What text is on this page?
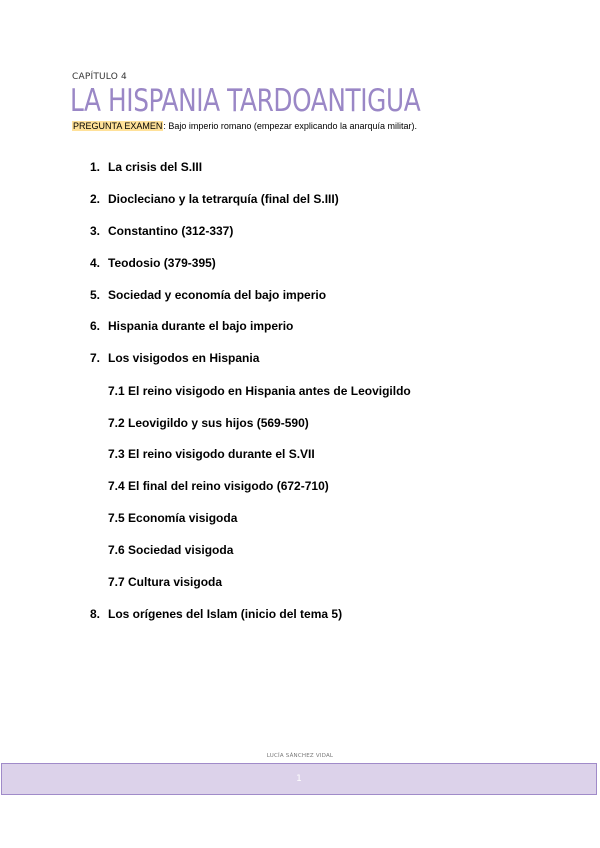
CAPÍTULO 4
LA HISPANIA TARDOANTIGUA
PREGUNTA EXAMEN: Bajo imperio romano (empezar explicando la anarquía militar).
1. La crisis del S.III
2. Diocleciano y la tetrarquía (final del S.III)
3. Constantino (312-337)
4. Teodosio (379-395)
5. Sociedad y economía del bajo imperio
6. Hispania durante el bajo imperio
7. Los visigodos en Hispania
7.1 El reino visigodo en Hispania antes de Leovigildo
7.2 Leovigildo y sus hijos (569-590)
7.3 El reino visigodo durante el S.VII
7.4 El final del reino visigodo (672-710)
7.5 Economía visigoda
7.6 Sociedad visigoda
7.7 Cultura visigoda
8. Los orígenes del Islam (inicio del tema 5)
LUCÍA SÁNCHEZ VIDAL
1
